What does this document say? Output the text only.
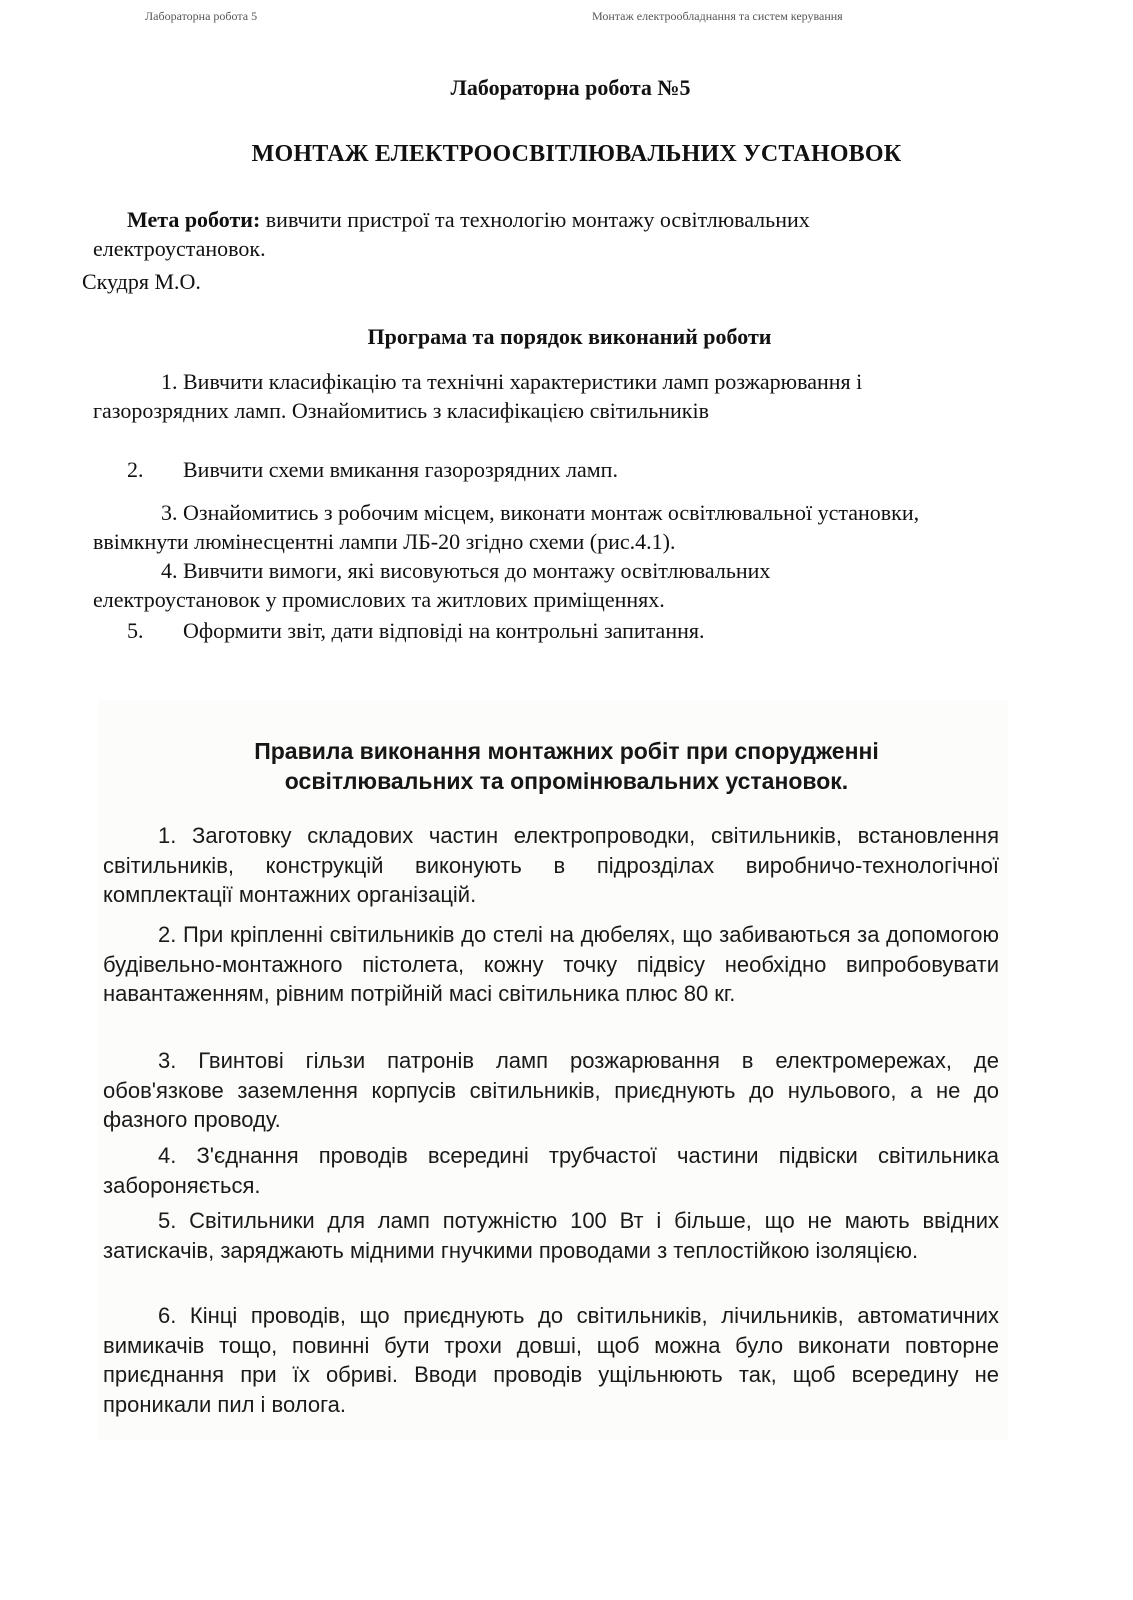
Лабораторна робота 5	Монтаж електрообладнання та систем керування
Лабораторна робота №5
МОНТАЖ ЕЛЕКТРООСВІТЛЮВАЛЬНИХ УСТАНОВОК
Мета роботи: вивчити пристрої та технологію монтажу освітлювальних електроустановок.
Скудря М.О.
Програма та порядок виконаний роботи
1. Вивчити класифікацію та технічні характеристики ламп розжарювання і газорозрядних ламп. Ознайомитись з класифікацією світильників
2. Вивчити схеми вмикання газорозрядних ламп.
3. Ознайомитись з робочим місцем, виконати монтаж освітлювальної установки, ввімкнути люмінесцентні лампи ЛБ-20 згідно схеми (рис.4.1).
4. Вивчити вимоги, які висовуються до монтажу освітлювальних електроустановок у промислових та житлових приміщеннях.
5. Оформити звіт, дати відповіді на контрольні запитання.
Правила виконання монтажних робіт при спорудженні
освітлювальних та опромінювальних установок.
1. Заготовку складових частин електропроводки, світильників, встановлення світильників, конструкцій виконують в підрозділах виробничо-технологічної комплектації монтажних організацій.
2. При кріпленні світильників до стелі на дюбелях, що забиваються за допомогою будівельно-монтажного пістолета, кожну точку підвісу необхідно випробовувати навантаженням, рівним потрійній масі світильника плюс 80 кг.
3. Гвинтові гільзи патронів ламп розжарювання в електромережах, де обов'язкове заземлення корпусів світильників, приєднують до нульового, а не до фазного проводу.
4. З'єднання проводів всередині трубчастої частини підвіски світильника забороняється.
5. Світильники для ламп потужністю 100 Вт і більше, що не мають ввідних затискачів, заряджають мідними гнучкими проводами з теплостійкою ізоляцією.
6. Кінці проводів, що приєднують до світильників, лічильників, автоматичних вимикачів тощо, повинні бути трохи довші, щоб можна було виконати повторне приєднання при їх обриві. Вводи проводів ущільнюють так, щоб всередину не проникали пил і волога.
